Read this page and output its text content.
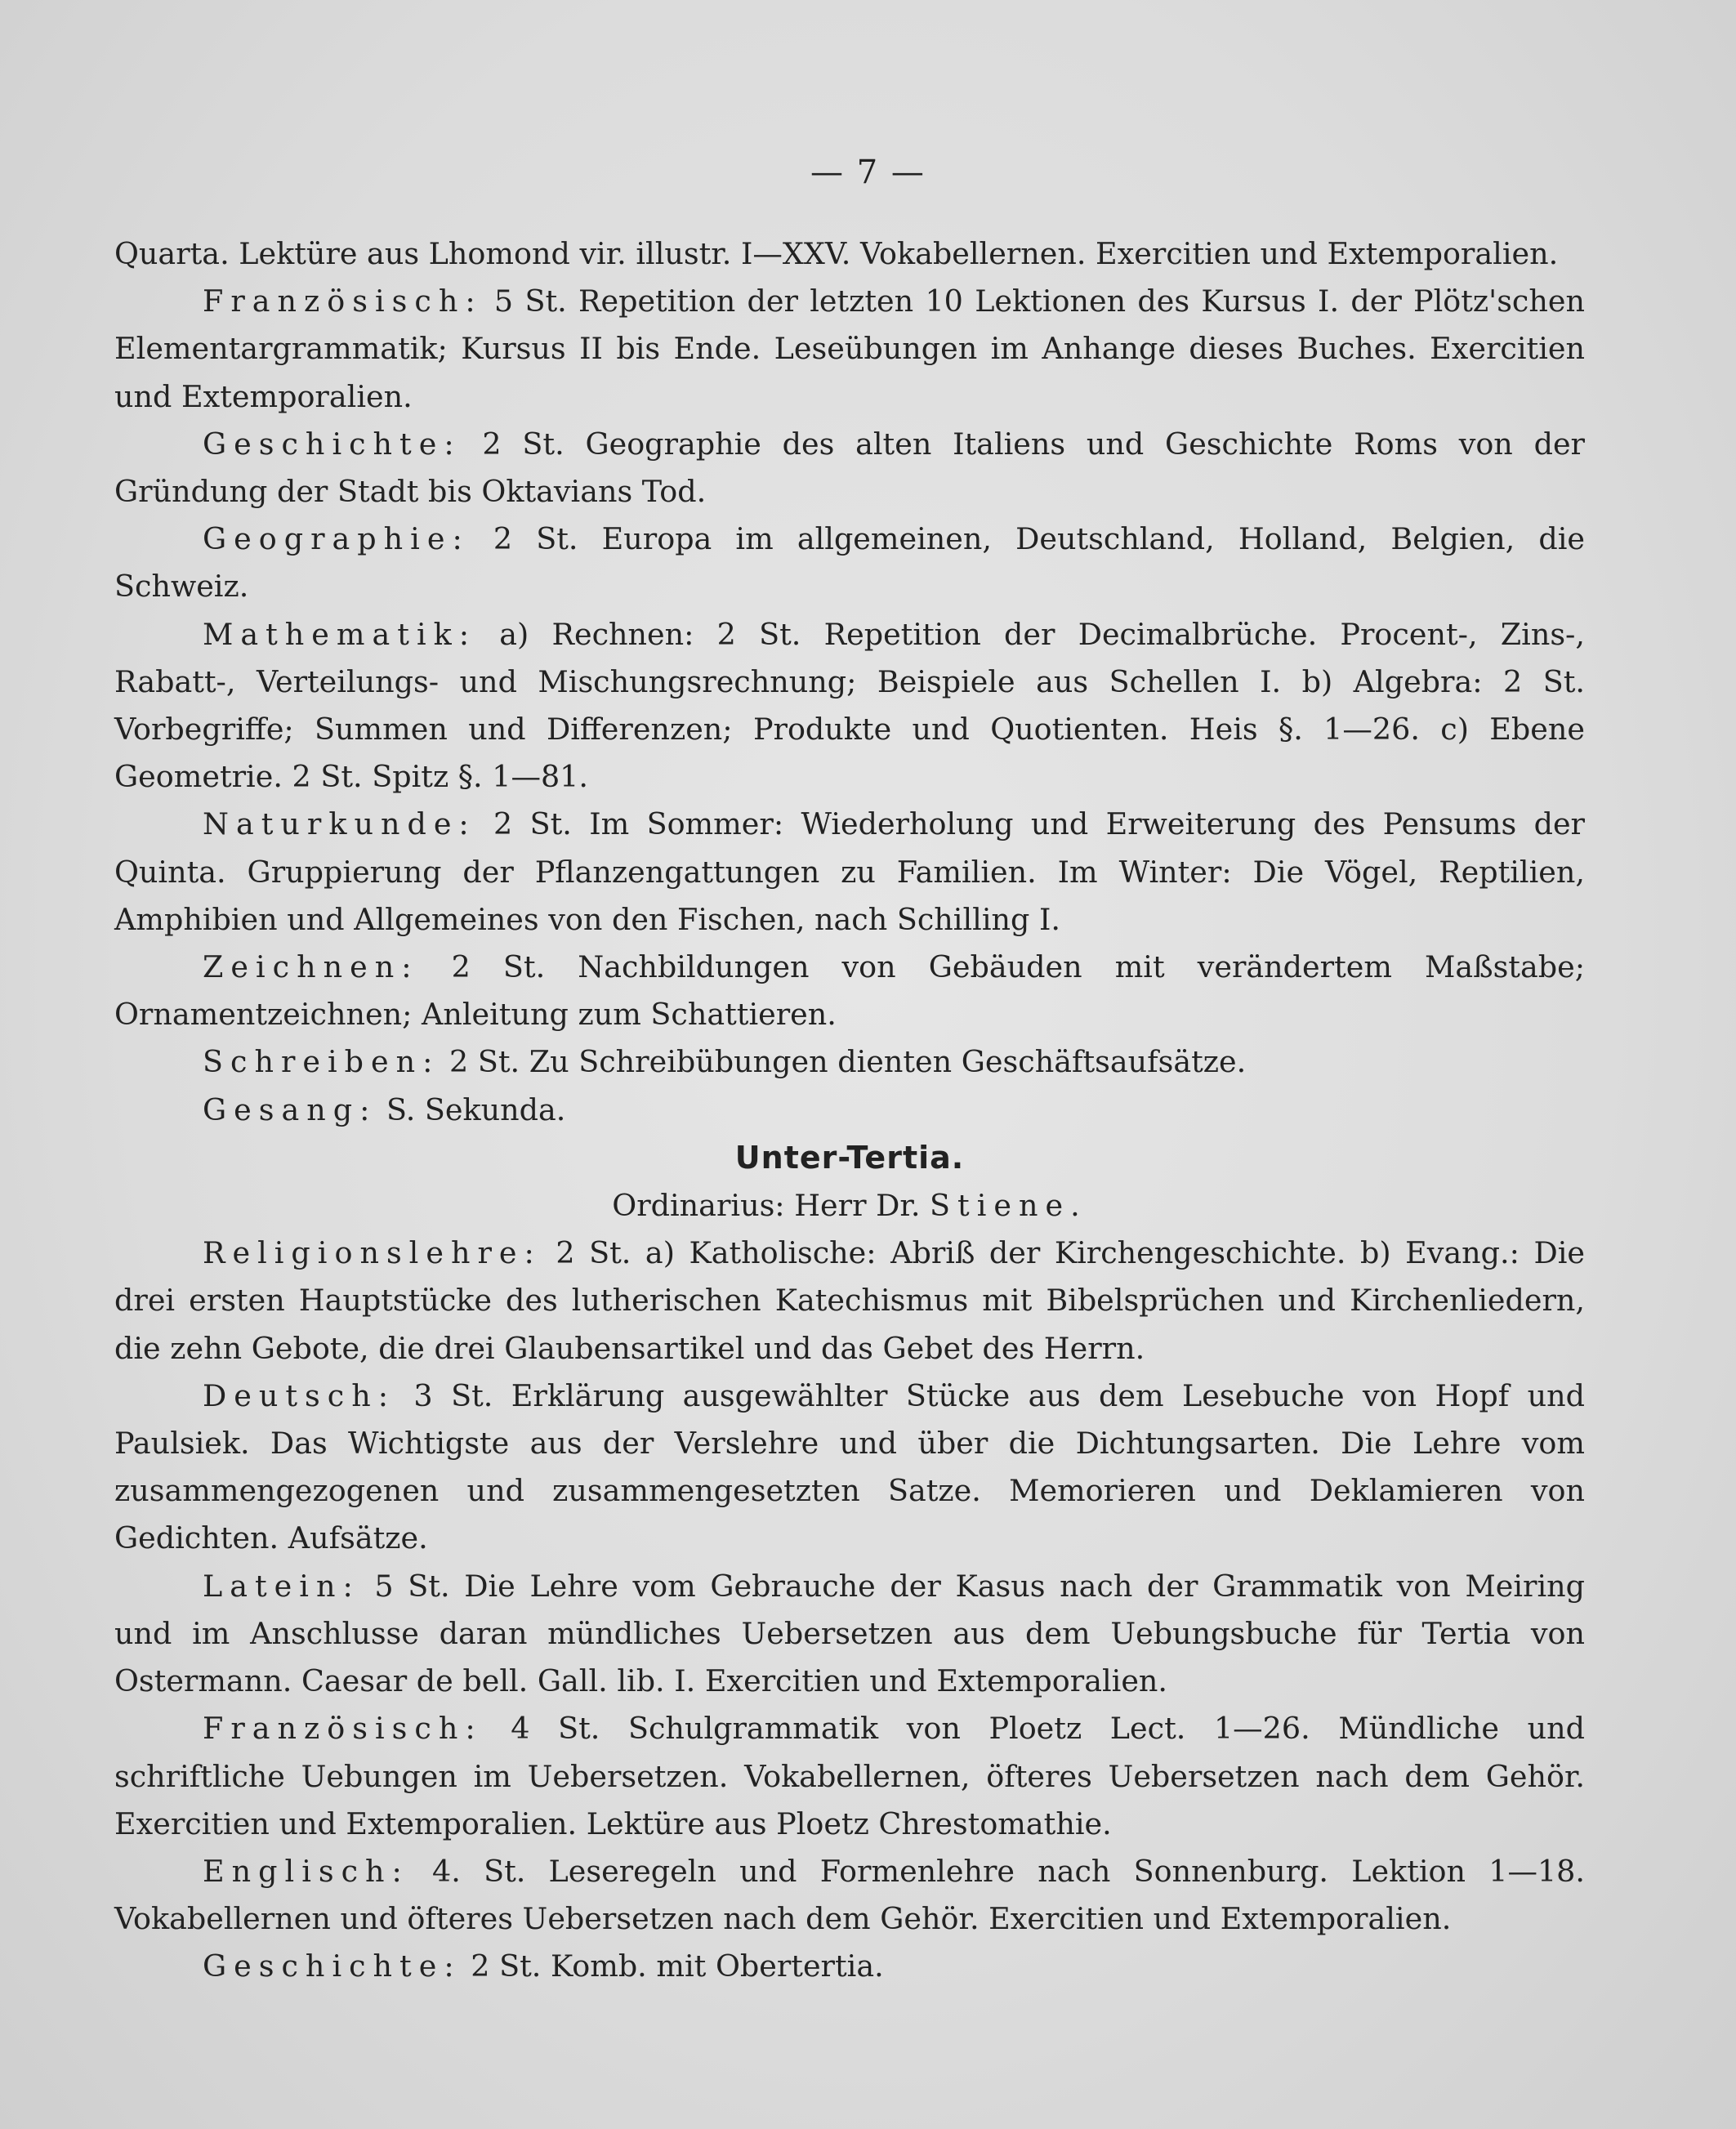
— 7 —

Quarta. Lektüre aus Lhomond vir. illustr. I—XXV. Vokabellernen. Exercitien und Extemporalien.

Französisch: 5 St. Repetition der letzten 10 Lektionen des Kursus I. der Plötz'schen Elementargrammatik; Kursus II bis Ende. Leseübungen im Anhange dieses Buches. Exercitien und Extemporalien.

Geschichte: 2 St. Geographie des alten Italiens und Geschichte Roms von der Gründung der Stadt bis Oktavians Tod.

Geographie: 2 St. Europa im allgemeinen, Deutschland, Holland, Belgien, die Schweiz.

Mathematik: a) Rechnen: 2 St. Repetition der Decimalbrüche. Procent-, Zins-, Rabatt-, Verteilungs- und Mischungsrechnung; Beispiele aus Schellen I. b) Algebra: 2 St. Vorbegriffe; Summen und Differenzen; Produkte und Quotienten. Heis §. 1—26. c) Ebene Geometrie. 2 St. Spitz §. 1—81.

Naturkunde: 2 St. Im Sommer: Wiederholung und Erweiterung des Pensums der Quinta. Gruppierung der Pflanzengattungen zu Familien. Im Winter: Die Vögel, Reptilien, Amphibien und Allgemeines von den Fischen, nach Schilling I.

Zeichnen: 2 St. Nachbildungen von Gebäuden mit verändertem Maßstabe; Ornamentzeichnen; Anleitung zum Schattieren.

Schreiben: 2 St. Zu Schreibübungen dienten Geschäftsaufsätze.

Gesang: S. Sekunda.

Unter-Tertia.

Ordinarius: Herr Dr. Stiene.

Religionslehre: 2 St. a) Katholische: Abriß der Kirchengeschichte. b) Evang.: Die drei ersten Hauptstücke des lutherischen Katechismus mit Bibelsprüchen und Kirchenliedern, die zehn Gebote, die drei Glaubensartikel und das Gebet des Herrn.

Deutsch: 3 St. Erklärung ausgewählter Stücke aus dem Lesebuche von Hopf und Paulsiek. Das Wichtigste aus der Verslehre und über die Dichtungsarten. Die Lehre vom zusammengezogenen und zusammengesetzten Satze. Memorieren und Deklamieren von Gedichten. Aufsätze.

Latein: 5 St. Die Lehre vom Gebrauche der Kasus nach der Grammatik von Meiring und im Anschlusse daran mündliches Uebersetzen aus dem Uebungsbuche für Tertia von Ostermann. Caesar de bell. Gall. lib. I. Exercitien und Extemporalien.

Französisch: 4 St. Schulgrammatik von Ploetz Lect. 1—26. Mündliche und schriftliche Uebungen im Uebersetzen. Vokabellernen, öfteres Uebersetzen nach dem Gehör. Exercitien und Extemporalien. Lektüre aus Ploetz Chrestomathie.

Englisch: 4. St. Leseregeln und Formenlehre nach Sonnenburg. Lektion 1—18. Vokabellernen und öfteres Uebersetzen nach dem Gehör. Exercitien und Extemporalien.

Geschichte: 2 St. Komb. mit Obertertia.
